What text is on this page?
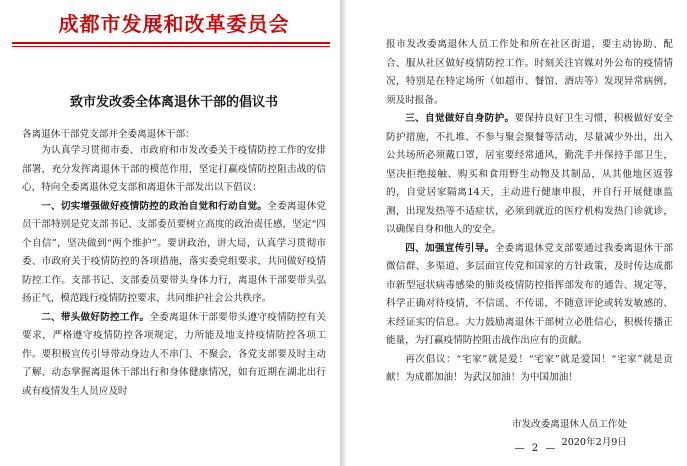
成都市发展和改革委员会
致市发改委全体离退休干部的倡议书
各离退休干部党支部并全委离退休干部：

为认真学习贯彻市委、市政府和市发改委关于疫情防控工作的安排部署，充分发挥离退休干部的模范作用，坚定打赢疫情防控阻击战的信心，特向全委离退休党支部和离退休干部发出以下倡议：

一、切实增强做好疫情防控的政治自觉和行动自觉。全委离退休党员干部特别是党支部书记、支部委员要树立高度的政治责任感，坚定“四个自信”，坚决做到“两个维护”。要讲政治，讲大局，认真学习贯彻市委、市政府关于疫情防控的各项措施，落实委党组要求，共同做好疫情防控工作。支部书记、支部委员要带头身体力行，离退休干部要带头弘扬正气，模范践行疫情防控要求，共同维护社会公共秩序。

二、带头做好防控工作。全委离退休干部要带头遵守疫情防控有关要求，严格遵守疫情防控各项规定，力所能及地支持疫情防控各项工作。要积极宣传引导带动身边人不串门、不聚会，各党支部要及时主动了解、动态掌握离退休干部出行和身体健康情况，如有近期在湖北出行或有疫情发生人员应及时

报市发改委离退休人员工作处和所在社区街道，要主动协助、配合、服从社区做好疫情防控工作。时刻关注官媒对外公布的疫情情况，特别是在特定场所（如超市、餐馆、酒店等）发现异常病例，须及时报备。

三、自觉做好自身防护。要保持良好卫生习惯，积极做好安全防护措施，不扎堆、不参与聚会聚餐等活动，尽量减少外出，出入公共场所必须戴口罩，居室要经常通风，勤洗手并保持手部卫生，坚决拒绝接触、购买和食用野生动物及其制品，从其他地区返蓉的，自觉居家隔离14天，主动进行健康申报，并自行开展健康监测，出现发热等不适症状，必须到就近的医疗机构发热门诊就诊，以确保自身和他人的安全。

四、加强宣传引导。全委离退休党支部要通过我委离退休干部微信群、多渠道、多层面宣传党和国家的方针政策，及时传达成都市新型冠状病毒感染的肺炎疫情防控指挥部发布的通告、规定等，科学正确对待疫情，不信谣、不传谣，不随意评论或转发敏感的、未经证实的信息。大力鼓励离退休干部树立必胜信心，积极传播正能量，为打赢疫情防控阻击战作出应有的贡献。

再次倡议：“宅家”就是爱！“宅家”就是爱国！“宅家”就是贡献！为成都加油！为武汉加油！为中国加油！

市发改委离退休人员工作处
2020年2月9日
— 2 —
